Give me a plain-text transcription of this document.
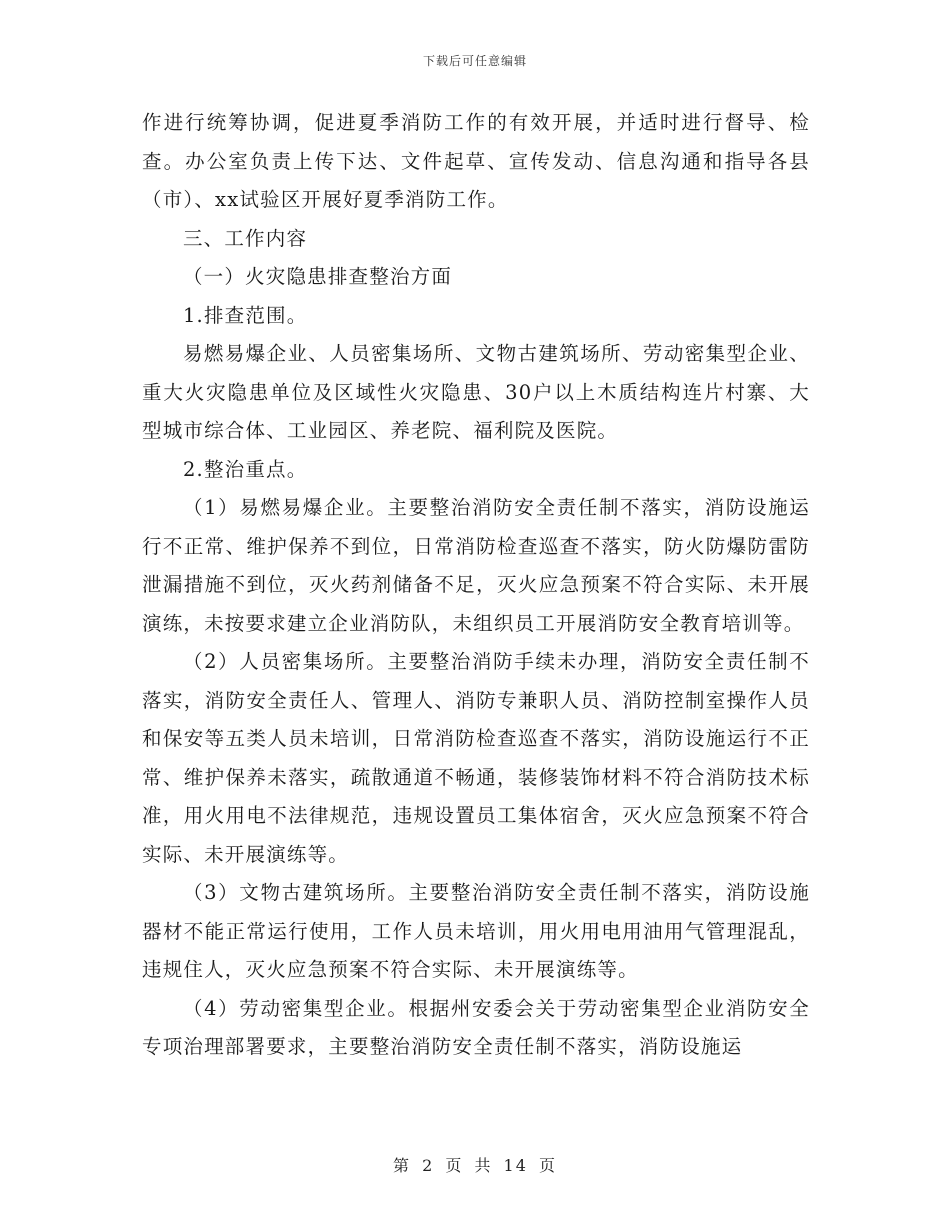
下载后可任意编辑

作进行统筹协调，促进夏季消防工作的有效开展，并适时进行督导、检查。办公室负责上传下达、文件起草、宣传发动、信息沟通和指导各县（市）、xx试验区开展好夏季消防工作。

三、工作内容

（一）火灾隐患排查整治方面

1.排查范围。

易燃易爆企业、人员密集场所、文物古建筑场所、劳动密集型企业、重大火灾隐患单位及区域性火灾隐患、30户以上木质结构连片村寨、大型城市综合体、工业园区、养老院、福利院及医院。

2.整治重点。

（1）易燃易爆企业。主要整治消防安全责任制不落实，消防设施运行不正常、维护保养不到位，日常消防检查巡查不落实，防火防爆防雷防泄漏措施不到位，灭火药剂储备不足，灭火应急预案不符合实际、未开展演练，未按要求建立企业消防队，未组织员工开展消防安全教育培训等。

（2）人员密集场所。主要整治消防手续未办理，消防安全责任制不落实，消防安全责任人、管理人、消防专兼职人员、消防控制室操作人员和保安等五类人员未培训，日常消防检查巡查不落实，消防设施运行不正常、维护保养未落实，疏散通道不畅通，装修装饰材料不符合消防技术标准，用火用电不法律规范，违规设置员工集体宿舍，灭火应急预案不符合实际、未开展演练等。

（3）文物古建筑场所。主要整治消防安全责任制不落实，消防设施器材不能正常运行使用，工作人员未培训，用火用电用油用气管理混乱，违规住人，灭火应急预案不符合实际、未开展演练等。

（4）劳动密集型企业。根据州安委会关于劳动密集型企业消防安全专项治理部署要求，主要整治消防安全责任制不落实，消防设施运

第 2 页 共 14 页
